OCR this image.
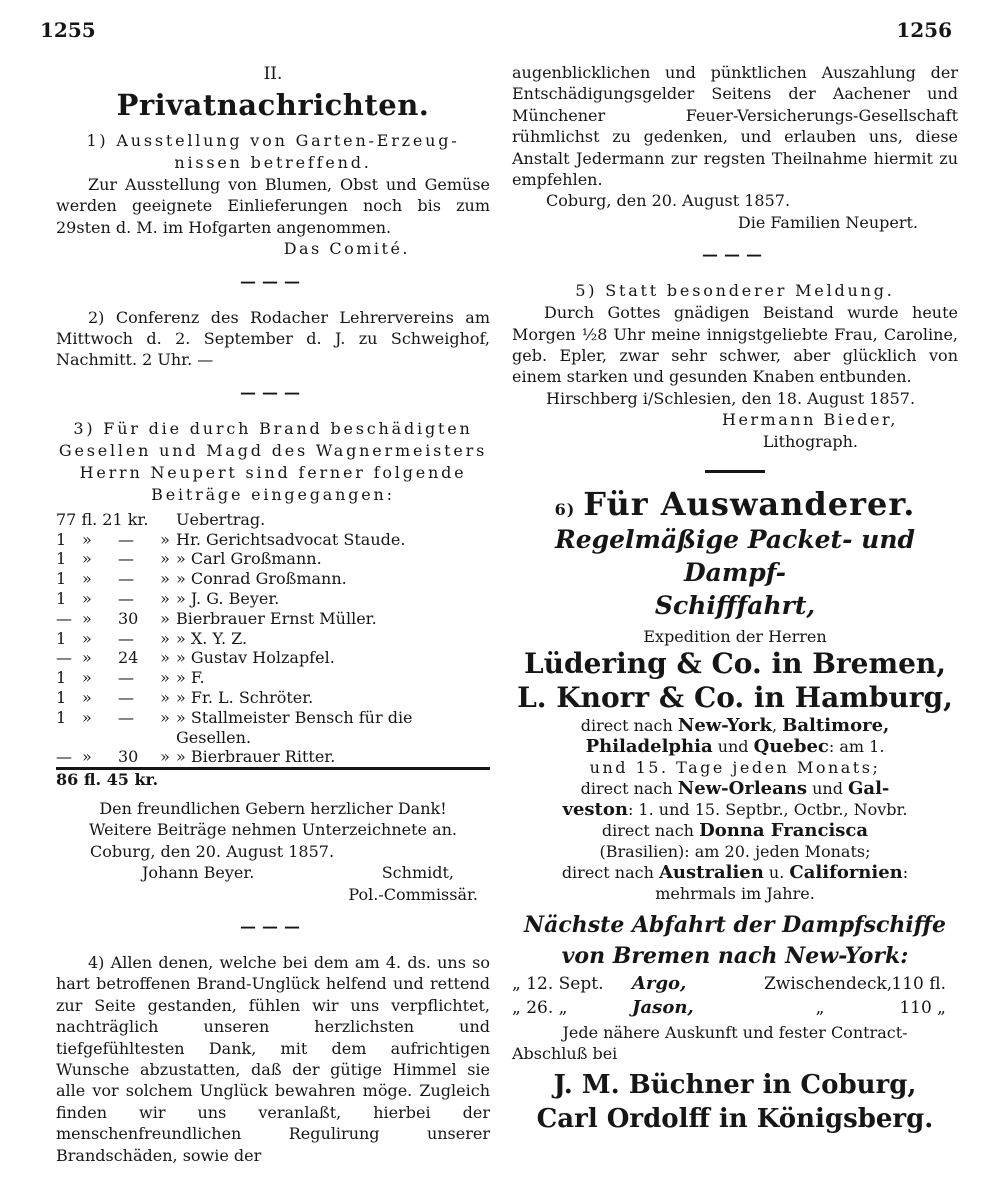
1255	1256
II.
Privatnachrichten.
1) Ausstellung von Garten-Erzeug-
nissen betreffend.

Zur Ausstellung von Blumen, Obst und Gemüse werden geeignete Einlieferungen noch bis zum 29sten d. M. im Hofgarten angenommen.

Das Comité.

———

2) Conferenz des Rodacher Lehrervereins am Mittwoch d. 2. September d. J. zu Schweighof, Nachmitt. 2 Uhr. —

———
3) Für die durch Brand beschädigten
Gesellen und Magd des Wagnermeisters
Herrn Neupert sind ferner folgende
Beiträge eingegangen:
77 fl. 21 kr.				Uebertrag.
1	»	—	»	Hr. Gerichtsadvocat Staude.
1	»	—	»	» Carl Großmann.
1	»	—	»	» Conrad Großmann.
1	»	—	»	» J. G. Beyer.
—	»	30	»	Bierbrauer Ernst Müller.
1	»	—	»	» X. Y. Z.
—	»	24	»	» Gustav Holzapfel.
1	»	—	»	» F.
1	»	—	»	» Fr. L. Schröter.
1	»	—	»	» Stallmeister Bensch für die Gesellen.
—	»	30	»	» Bierbrauer Ritter.
86 fl. 45 kr.				

Den freundlichen Gebern herzlicher Dank!

Weitere Beiträge nehmen Unterzeichnete an.

Coburg, den 20. August 1857.

Johann Beyer.	Schmidt,

Pol.-Commissär.

———

4) Allen denen, welche bei dem am 4. ds. uns so hart betroffenen Brand-Unglück helfend und rettend zur Seite gestanden, fühlen wir uns verpflichtet, nachträglich unseren herzlichsten und tiefgefühltesten Dank, mit dem aufrichtigen Wunsche abzustatten, daß der gütige Himmel sie alle vor solchem Unglück bewahren möge. Zugleich finden wir uns veranlaßt, hierbei der menschenfreundlichen Regulirung unserer Brandschäden, sowie der

augenblicklichen und pünktlichen Auszahlung der Entschädigungsgelder Seitens der Aachener und Münchener Feuer-Versicherungs-Gesellschaft rühmlichst zu gedenken, und erlauben uns, diese Anstalt Jedermann zur regsten Theilnahme hiermit zu empfehlen.

Coburg, den 20. August 1857.

Die Familien Neupert.

———
5) Statt besonderer Meldung.

Durch Gottes gnädigen Beistand wurde heute Morgen ½8 Uhr meine innigstgeliebte Frau, Caroline, geb. Epler, zwar sehr schwer, aber glücklich von einem starken und gesunden Knaben entbunden.

Hirschberg i/Schlesien, den 18. August 1857.

Hermann Bieder,

Lithograph.

6) Für Auswanderer.
Regelmäßige Packet- und Dampf-
Schifffahrt,
Expedition der Herren
Lüdering & Co. in Bremen,
L. Knorr & Co. in Hamburg,
direct nach New-York, Baltimore,
Philadelphia und Quebec: am 1.
und 15. Tage jeden Monats;
direct nach New-Orleans und Gal-
veston: 1. und 15. Septbr., Octbr., Novbr.
direct nach Donna Francisca
(Brasilien): am 20. jeden Monats;
direct nach Australien u. Californien:
mehrmals im Jahre.
Nächste Abfahrt der Dampfschiffe
von Bremen nach New-York:
„ 12. Sept.	Argo,	Zwischendeck, 110 fl.
„ 26. „	Jason,	„	110 „
Jede nähere Auskunft und fester Contract-
Abschluß bei
J. M. Büchner in Coburg,
Carl Ordolff in Königsberg.
